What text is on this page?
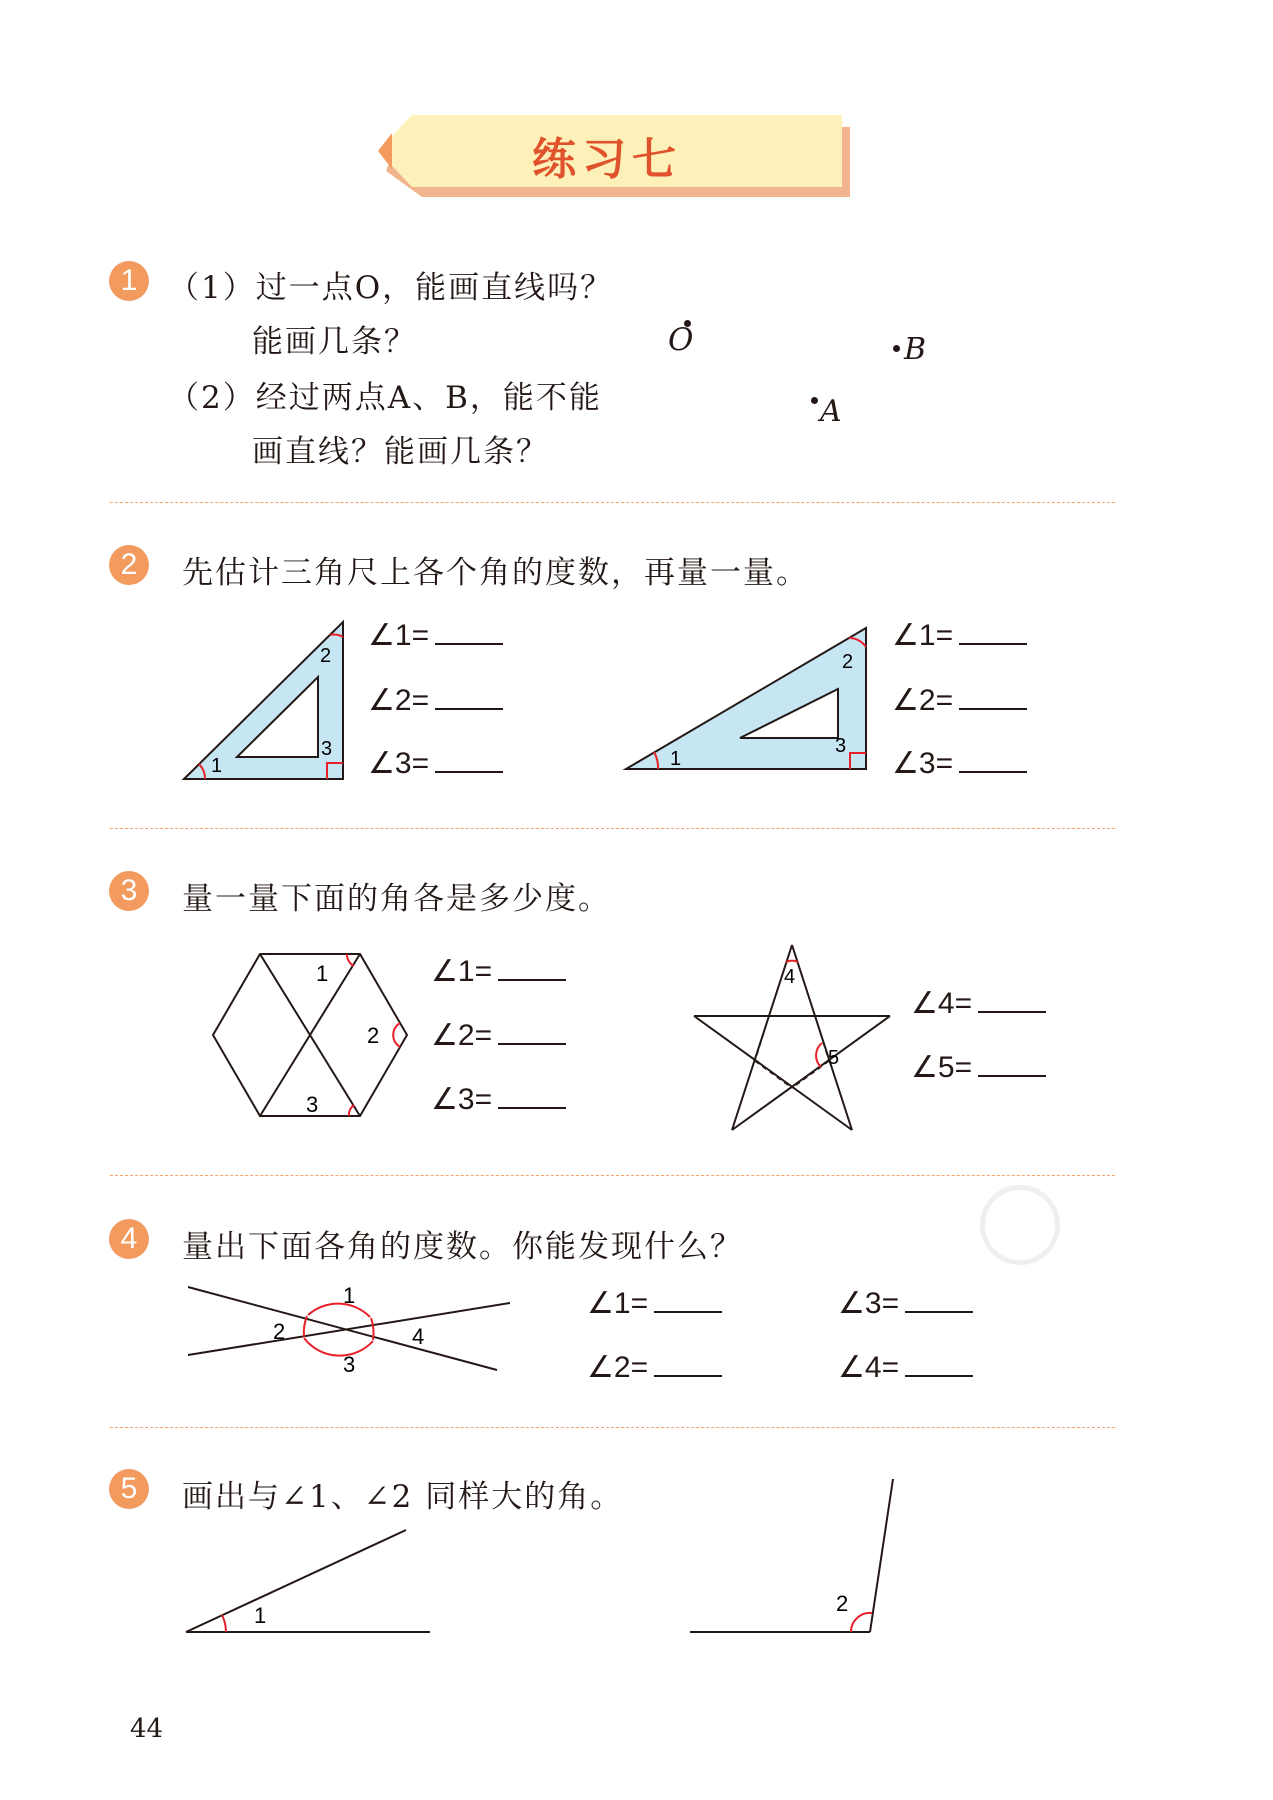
练习七
1 （1）过一点O，能画直线吗？
能画几条？
（2）经过两点A、B，能不能
画直线？能画几条？
O	B
A
2	先估计三角尺上各个角的度数，再量一量。
1
2
3
∠1=
∠2=
∠3=	1
2
3
∠1=
∠2=
∠3=
3	量一量下面的角各是多少度。
1
2
3
∠1=
∠2=
∠3=
4
5
∠4=
∠5=
4	量出下面各角的度数。你能发现什么？
1
2
3
4
∠1=
∠2=
∠3=
∠4=
5	画出与∠1、∠2 同样大的角。
1	2
44
